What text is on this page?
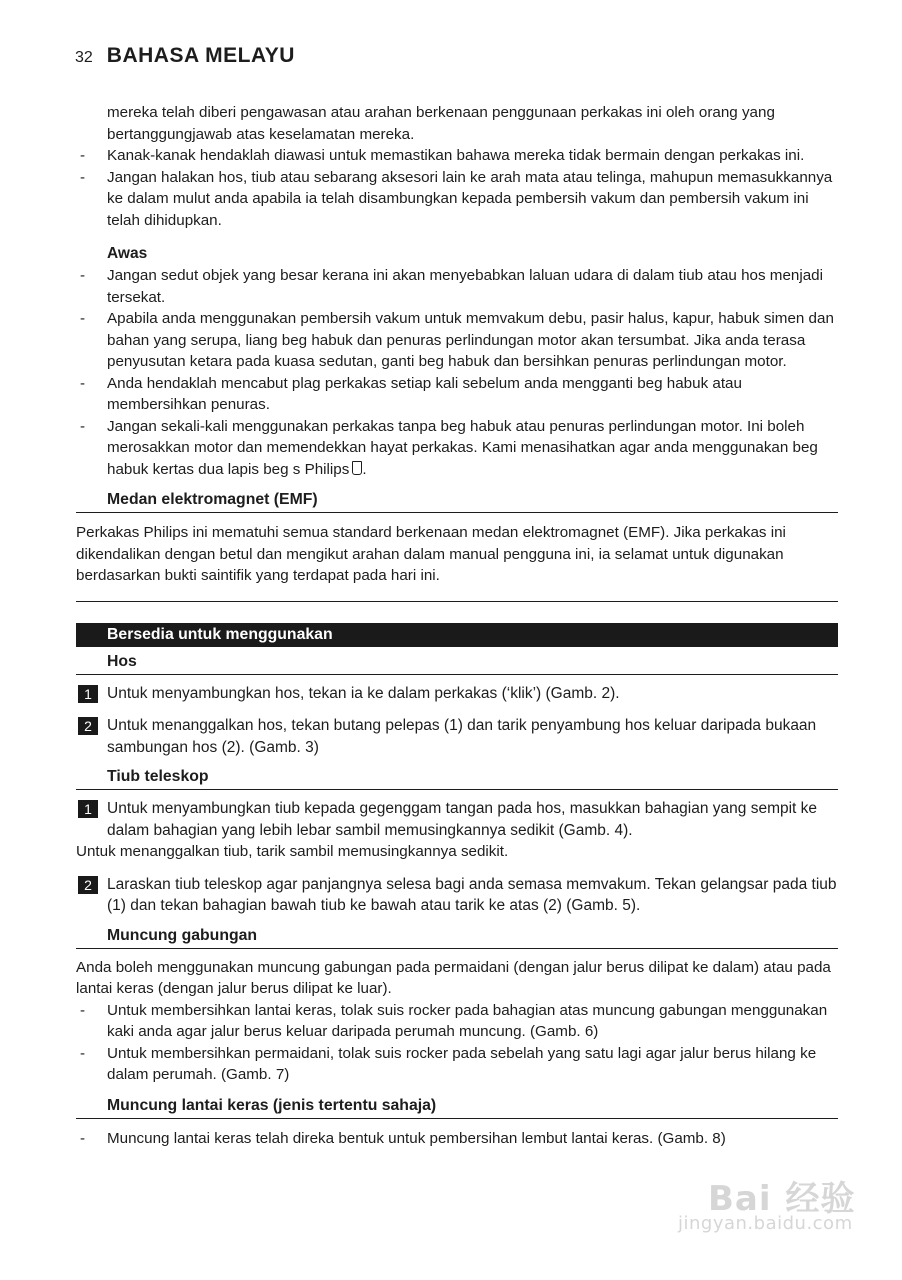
32 BAHASA MELAYU

mereka telah diberi pengawasan atau arahan berkenaan penggunaan perkakas ini oleh orang yang bertanggungjawab atas keselamatan mereka.

- Kanak-kanak hendaklah diawasi untuk memastikan bahawa mereka tidak bermain dengan perkakas ini.
- Jangan halakan hos, tiub atau sebarang aksesori lain ke arah mata atau telinga, mahupun memasukkannya ke dalam mulut anda apabila ia telah disambungkan kepada pembersih vakum dan pembersih vakum ini telah dihidupkan.
Awas
- Jangan sedut objek yang besar kerana ini akan menyebabkan laluan udara di dalam tiub atau hos menjadi tersekat.
- Apabila anda menggunakan pembersih vakum untuk memvakum debu, pasir halus, kapur, habuk simen dan bahan yang serupa, liang beg habuk dan penuras perlindungan motor akan tersumbat. Jika anda terasa penyusutan ketara pada kuasa sedutan, ganti beg habuk dan bersihkan penuras perlindungan motor.
- Anda hendaklah mencabut plag perkakas setiap kali sebelum anda mengganti beg habuk atau membersihkan penuras.
- Jangan sekali-kali menggunakan perkakas tanpa beg habuk atau penuras perlindungan motor. Ini boleh merosakkan motor dan memendekkan hayat perkakas. Kami menasihatkan agar anda menggunakan beg habuk kertas dua lapis beg s Philips .
Medan elektromagnet (EMF)

Perkakas Philips ini mematuhi semua standard berkenaan medan elektromagnet (EMF). Jika perkakas ini dikendalikan dengan betul dan mengikut arahan dalam manual pengguna ini, ia selamat untuk digunakan berdasarkan bukti saintifik yang terdapat pada hari ini.

Bersedia untuk menggunakan
Hos
1 Untuk menyambungkan hos, tekan ia ke dalam perkakas (‘klik’) (Gamb. 2).
2 Untuk menanggalkan hos, tekan butang pelepas (1) dan tarik penyambung hos keluar daripada bukaan sambungan hos (2). (Gamb. 3)
Tiub teleskop
1 Untuk menyambungkan tiub kepada gegenggam tangan pada hos, masukkan bahagian yang sempit ke dalam bahagian yang lebih lebar sambil memusingkannya sedikit (Gamb. 4).

Untuk menanggalkan tiub, tarik sambil memusingkannya sedikit.

2 Laraskan tiub teleskop agar panjangnya selesa bagi anda semasa memvakum. Tekan gelangsar pada tiub (1) dan tekan bahagian bawah tiub ke bawah atau tarik ke atas (2) (Gamb. 5).
Muncung gabungan

Anda boleh menggunakan muncung gabungan pada permaidani (dengan jalur berus dilipat ke dalam) atau pada lantai keras (dengan jalur berus dilipat ke luar).

- Untuk membersihkan lantai keras, tolak suis rocker pada bahagian atas muncung gabungan menggunakan kaki anda agar jalur berus keluar daripada perumah muncung. (Gamb. 6)
- Untuk membersihkan permaidani, tolak suis rocker pada sebelah yang satu lagi agar jalur berus hilang ke dalam perumah. (Gamb. 7)
Muncung lantai keras (jenis tertentu sahaja)
- Muncung lantai keras telah direka bentuk untuk pembersihan lembut lantai keras. (Gamb. 8)
Bai 经验
jingyan.baidu.com
